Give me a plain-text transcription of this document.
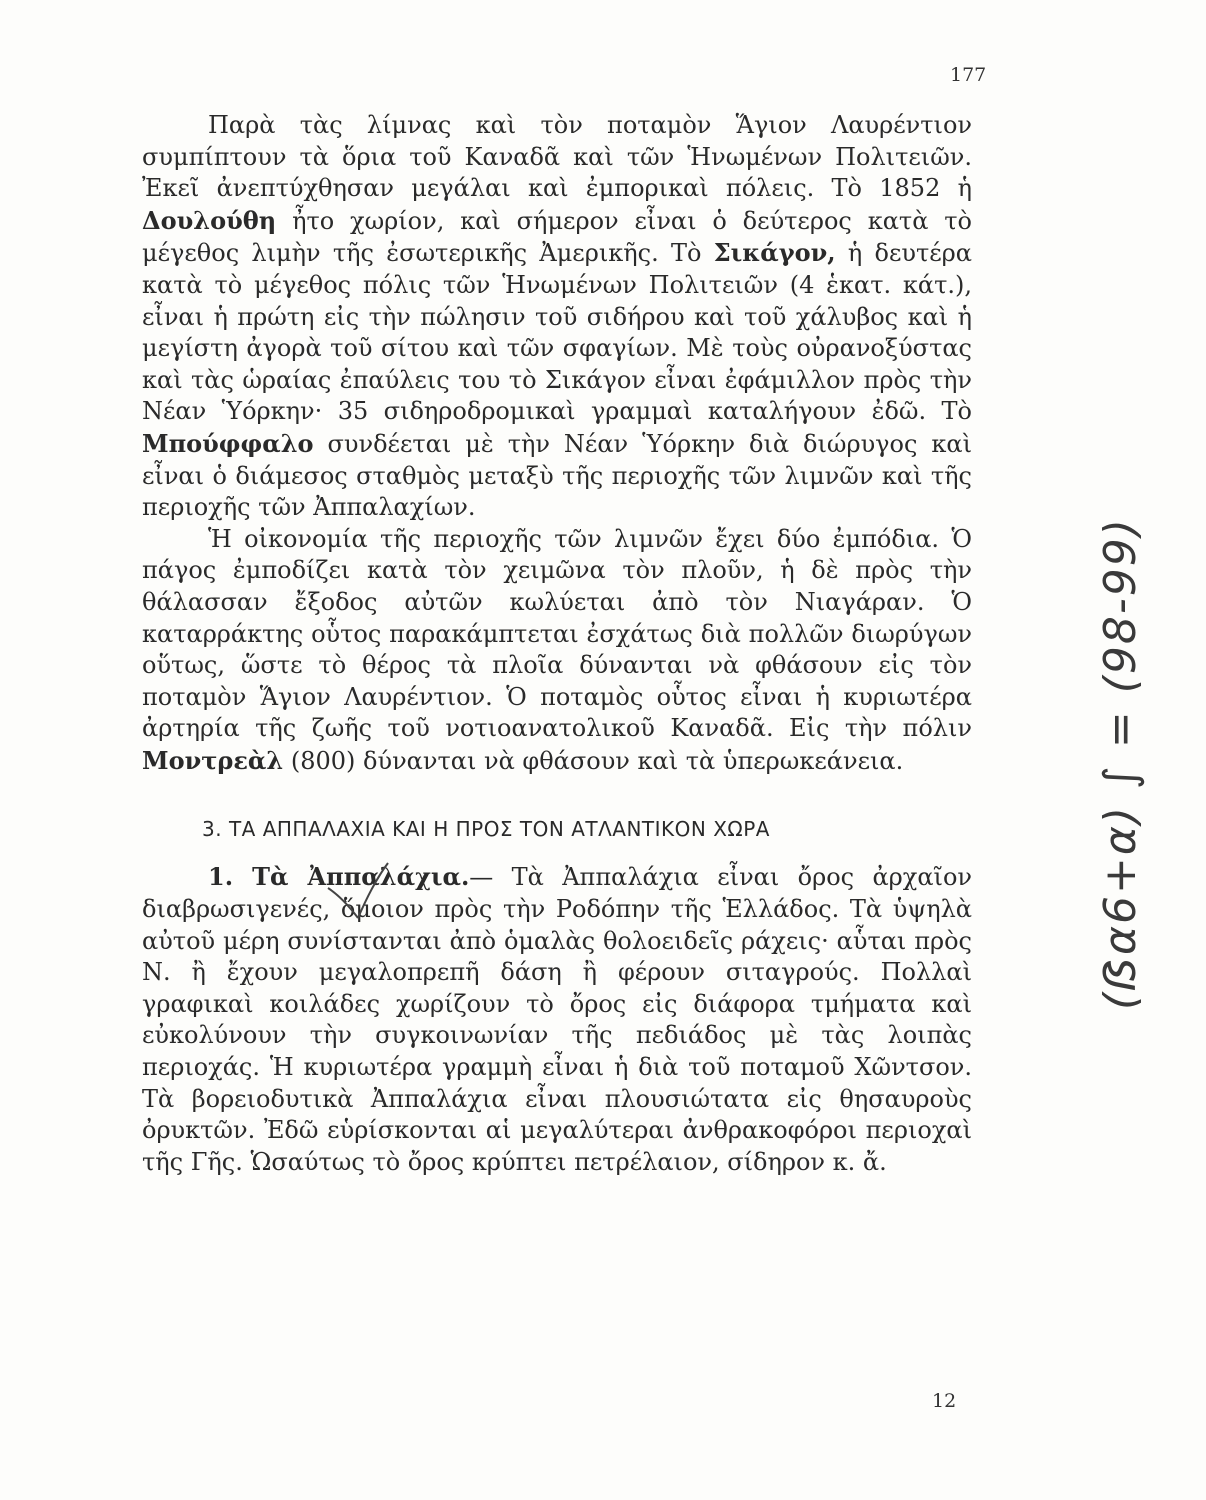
177

Παρὰ τὰς λίμνας καὶ τὸν ποταμὸν Ἅγιον Λαυρέντιον συμπίπτουν τὰ ὅρια τοῦ Καναδᾶ καὶ τῶν Ἡνωμένων Πολιτειῶν. Ἐκεῖ ἀνεπτύχθησαν μεγάλαι καὶ ἐμπορικαὶ πόλεις. Τὸ 1852 ἡ Δουλούθη ἦτο χωρίον, καὶ σήμερον εἶναι ὁ δεύτερος κατὰ τὸ μέγεθος λιμὴν τῆς ἐσωτερικῆς Ἀμερικῆς. Τὸ Σικάγον, ἡ δευτέρα κατὰ τὸ μέγεθος πόλις τῶν Ἡνωμένων Πολιτειῶν (4 ἑκατ. κάτ.), εἶναι ἡ πρώτη εἰς τὴν πώλησιν τοῦ σιδήρου καὶ τοῦ χάλυβος καὶ ἡ μεγίστη ἀγορὰ τοῦ σίτου καὶ τῶν σφαγίων. Μὲ τοὺς οὐρανοξύστας καὶ τὰς ὡραίας ἐπαύλεις του τὸ Σικάγον εἶναι ἐφάμιλλον πρὸς τὴν Νέαν Ὑόρκην· 35 σιδηροδρομικαὶ γραμμαὶ καταλήγουν ἐδῶ. Τὸ Μπούφφαλο συνδέεται μὲ τὴν Νέαν Ὑόρκην διὰ διώρυγος καὶ εἶναι ὁ διάμεσος σταθμὸς μεταξὺ τῆς περιοχῆς τῶν λιμνῶν καὶ τῆς περιοχῆς τῶν Ἀππαλαχίων.

Ἡ οἰκονομία τῆς περιοχῆς τῶν λιμνῶν ἔχει δύο ἐμπόδια. Ὁ πάγος ἐμποδίζει κατὰ τὸν χειμῶνα τὸν πλοῦν, ἡ δὲ πρὸς τὴν θάλασσαν ἔξοδος αὐτῶν κωλύεται ἀπὸ τὸν Νιαγάραν. Ὁ καταρράκτης οὗτος παρακάμπτεται ἐσχάτως διὰ πολλῶν διωρύγων οὕτως, ὥστε τὸ θέρος τὰ πλοῖα δύνανται νὰ φθάσουν εἰς τὸν ποταμὸν Ἅγιον Λαυρέντιον. Ὁ ποταμὸς οὗτος εἶναι ἡ κυριωτέρα ἀρτηρία τῆς ζωῆς τοῦ νοτιοανατολικοῦ Καναδᾶ. Εἰς τὴν πόλιν Μοντρεὰλ (800) δύνανται νὰ φθάσουν καὶ τὰ ὑπερωκεάνεια.

3. ΤΑ ΑΠΠΑΛΑΧΙΑ ΚΑΙ Η ΠΡΟΣ ΤΟΝ ΑΤΛΑΝΤΙΚΟΝ ΧΩΡΑ

1. Τὰ Ἀππαλάχια.— Τὰ Ἀππαλάχια εἶναι ὄρος ἀρχαῖον διαβρωσιγενές, ὅμοιον πρὸς τὴν Ροδόπην τῆς Ἑλλάδος. Τὰ ὑψηλὰ αὐτοῦ μέρη συνίστανται ἀπὸ ὁμαλὰς θολοειδεῖς ράχεις· αὗται πρὸς Ν. ἢ ἔχουν μεγαλοπρεπῆ δάση ἢ φέρουν σιταγρούς. Πολλαὶ γραφικαὶ κοιλάδες χωρίζουν τὸ ὄρος εἰς διάφορα τμήματα καὶ εὐκολύνουν τὴν συγκοινωνίαν τῆς πεδιάδος μὲ τὰς λοιπὰς περιοχάς. Ἡ κυριωτέρα γραμμὴ εἶναι ἡ διὰ τοῦ ποταμοῦ Χῶντσον. Τὰ βορειοδυτικὰ Ἀππαλάχια εἶναι πλουσιώτατα εἰς θησαυροὺς ὀρυκτῶν. Ἐδῶ εὑρίσκονται αἱ μεγαλύτεραι ἀνθρακοφόροι περιοχαὶ τῆς Γῆς. Ὡσαύτως τὸ ὄρος κρύπτει πετρέλαιον, σίδηρον κ. ἄ.

(ẞα6+α) ∫ = (98-99)
12
